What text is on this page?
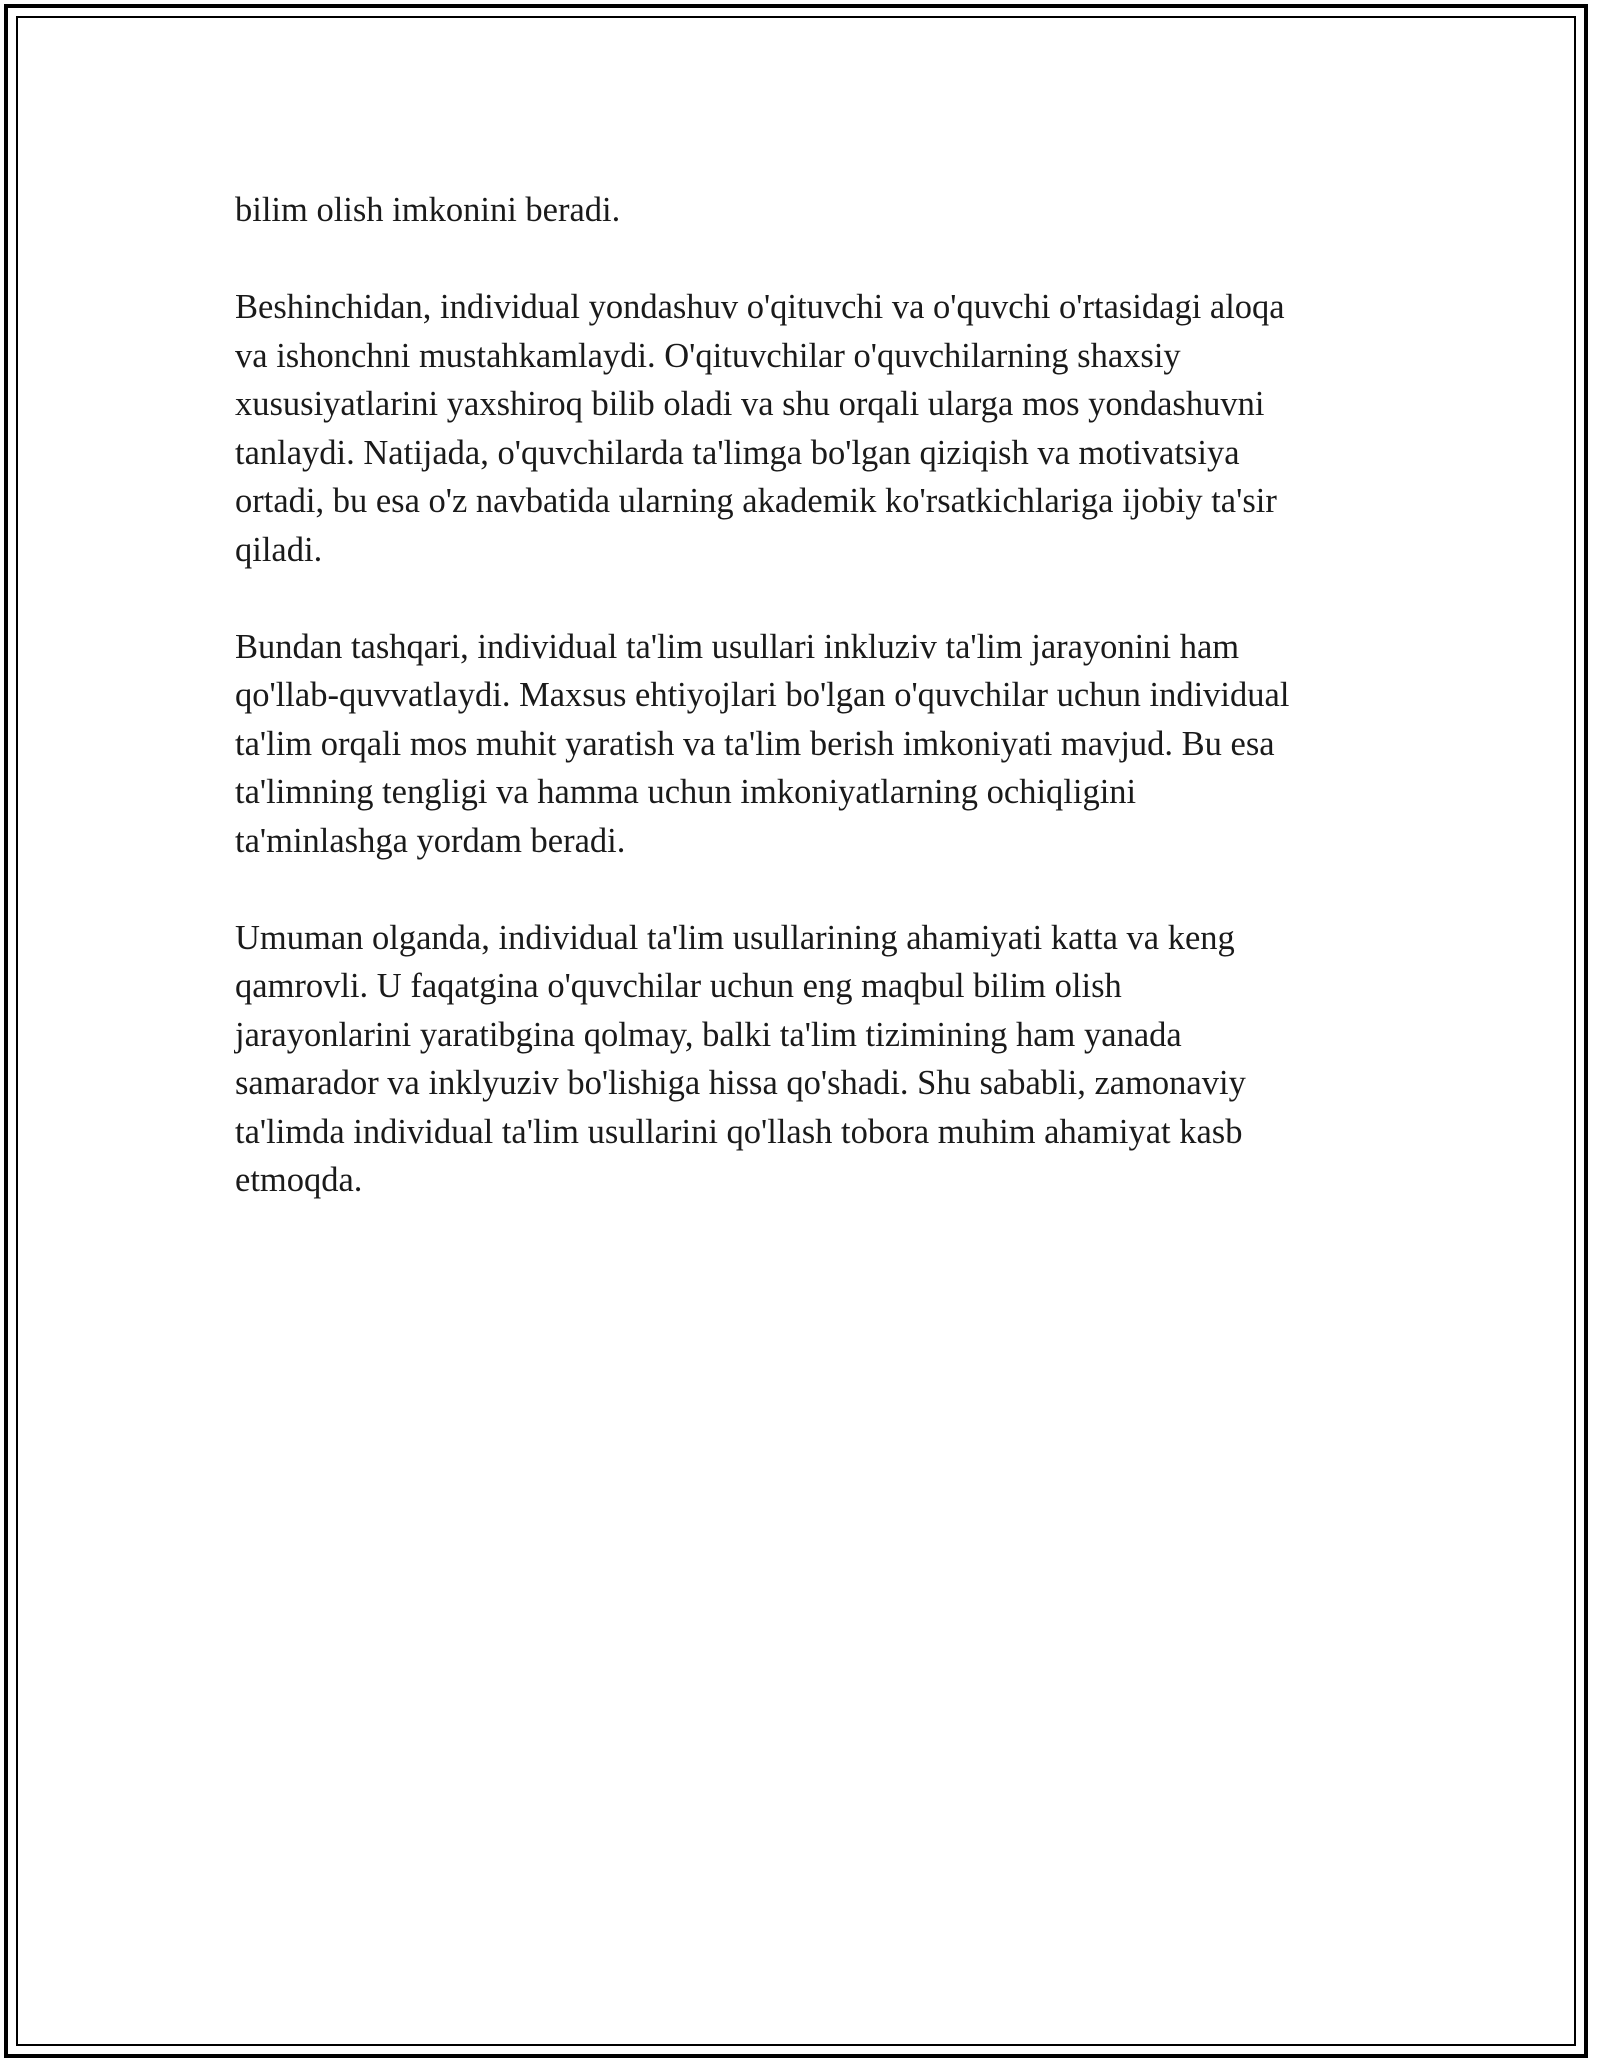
bilim olish imkonini beradi.

Beshinchidan, individual yondashuv o'qituvchi va o'quvchi o'rtasidagi aloqa
va ishonchni mustahkamlaydi. O'qituvchilar o'quvchilarning shaxsiy
xususiyatlarini yaxshiroq bilib oladi va shu orqali ularga mos yondashuvni
tanlaydi. Natijada, o'quvchilarda ta'limga bo'lgan qiziqish va motivatsiya
ortadi, bu esa o'z navbatida ularning akademik ko'rsatkichlariga ijobiy ta'sir
qiladi.

Bundan tashqari, individual ta'lim usullari inkluziv ta'lim jarayonini ham
qo'llab-quvvatlaydi. Maxsus ehtiyojlari bo'lgan o'quvchilar uchun individual
ta'lim orqali mos muhit yaratish va ta'lim berish imkoniyati mavjud. Bu esa
ta'limning tengligi va hamma uchun imkoniyatlarning ochiqligini
ta'minlashga yordam beradi.

Umuman olganda, individual ta'lim usullarining ahamiyati katta va keng
qamrovli. U faqatgina o'quvchilar uchun eng maqbul bilim olish
jarayonlarini yaratibgina qolmay, balki ta'lim tizimining ham yanada
samarador va inklyuziv bo'lishiga hissa qo'shadi. Shu sababli, zamonaviy
ta'limda individual ta'lim usullarini qo'llash tobora muhim ahamiyat kasb
etmoqda.
